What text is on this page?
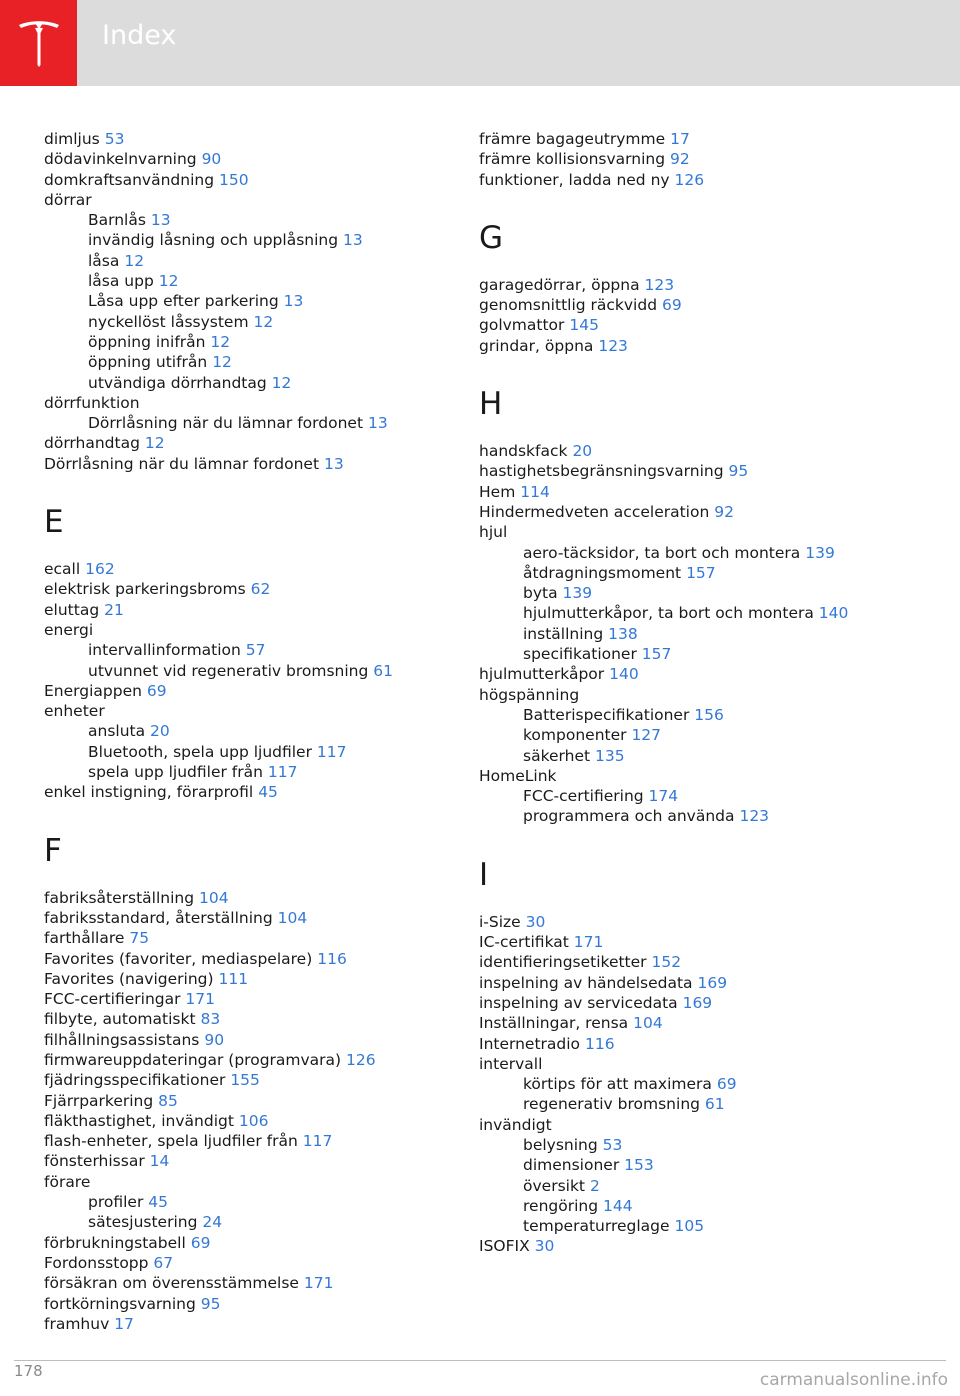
Index
dimljus 53
dödavinkelnvarning 90
domkraftsanvändning 150
dörrar
Barnlås 13
invändig låsning och upplåsning 13
låsa 12
låsa upp 12
Låsa upp efter parkering 13
nyckellöst låssystem 12
öppning inifrån 12
öppning utifrån 12
utvändiga dörrhandtag 12
dörrfunktion
Dörrlåsning när du lämnar fordonet 13
dörrhandtag 12
Dörrlåsning när du lämnar fordonet 13
E
ecall 162
elektrisk parkeringsbroms 62
eluttag 21
energi
intervallinformation 57
utvunnet vid regenerativ bromsning 61
Energiappen 69
enheter
ansluta 20
Bluetooth, spela upp ljudfiler 117
spela upp ljudfiler från 117
enkel instigning, förarprofil 45
F
fabriksåterställning 104
fabriksstandard, återställning 104
farthållare 75
Favorites (favoriter, mediaspelare) 116
Favorites (navigering) 111
FCC-certifieringar 171
filbyte, automatiskt 83
filhållningsassistans 90
firmwareuppdateringar (programvara) 126
fjädringsspecifikationer 155
Fjärrparkering 85
fläkthastighet, invändigt 106
flash-enheter, spela ljudfiler från 117
fönsterhissar 14
förare
profiler 45
sätesjustering 24
förbrukningstabell 69
Fordonsstopp 67
försäkran om överensstämmelse 171
fortkörningsvarning 95
framhuv 17
främre bagageutrymme 17
främre kollisionsvarning 92
funktioner, ladda ned ny 126
G
garagedörrar, öppna 123
genomsnittlig räckvidd 69
golvmattor 145
grindar, öppna 123
H
handskfack 20
hastighetsbegränsningsvarning 95
Hem 114
Hindermedveten acceleration 92
hjul
aero-täcksidor, ta bort och montera 139
åtdragningsmoment 157
byta 139
hjulmutterkåpor, ta bort och montera 140
inställning 138
specifikationer 157
hjulmutterkåpor 140
högspänning
Batterispecifikationer 156
komponenter 127
säkerhet 135
HomeLink
FCC-certifiering 174
programmera och använda 123
I
i-Size 30
IC-certifikat 171
identifieringsetiketter 152
inspelning av händelsedata 169
inspelning av servicedata 169
Inställningar, rensa 104
Internetradio 116
intervall
körtips för att maximera 69
regenerativ bromsning 61
invändigt
belysning 53
dimensioner 153
översikt 2
rengöring 144
temperaturreglage 105
ISOFIX 30
178	carmanualsonline.info
